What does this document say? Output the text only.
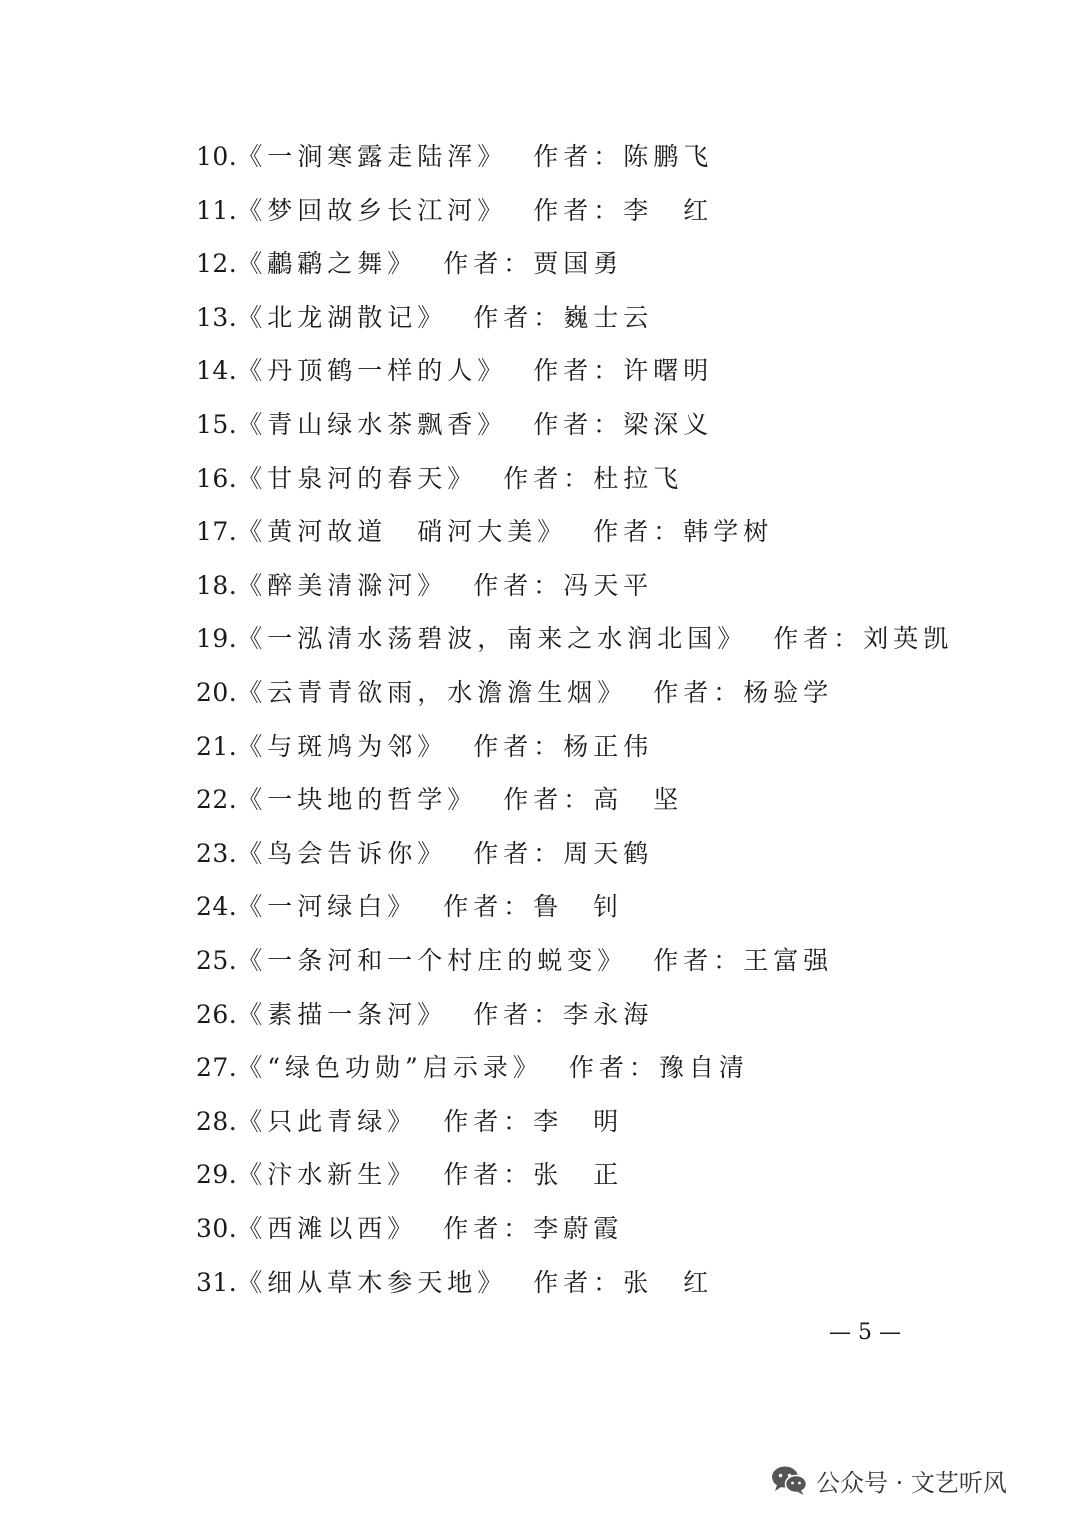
10.《一涧寒露走陆浑》 作者：陈鹏飞
11.《梦回故乡长江河》 作者：李　红
12.《鷫鹴之舞》 作者：贾国勇
13.《北龙湖散记》 作者：巍士云
14.《丹顶鹤一样的人》 作者：许曙明
15.《青山绿水茶飘香》 作者：梁深义
16.《甘泉河的春天》 作者：杜拉飞
17.《黄河故道　硝河大美》 作者：韩学树
18.《醉美清滁河》 作者：冯天平
19.《一泓清水荡碧波，南来之水润北国》 作者：刘英凯
20.《云青青欲雨，水澹澹生烟》 作者：杨验学
21.《与斑鸠为邻》 作者：杨正伟
22.《一块地的哲学》 作者：高　坚
23.《鸟会告诉你》 作者：周天鹤
24.《一河绿白》 作者：鲁　钊
25.《一条河和一个村庄的蜕变》 作者：王富强
26.《素描一条河》 作者：李永海
27.《“绿色功勋”启示录》 作者：豫自清
28.《只此青绿》 作者：李　明
29.《汴水新生》 作者：张　正
30.《西滩以西》 作者：李蔚霞
31.《细从草木参天地》 作者：张　红
— 5 —
公众号 · 文艺听风
